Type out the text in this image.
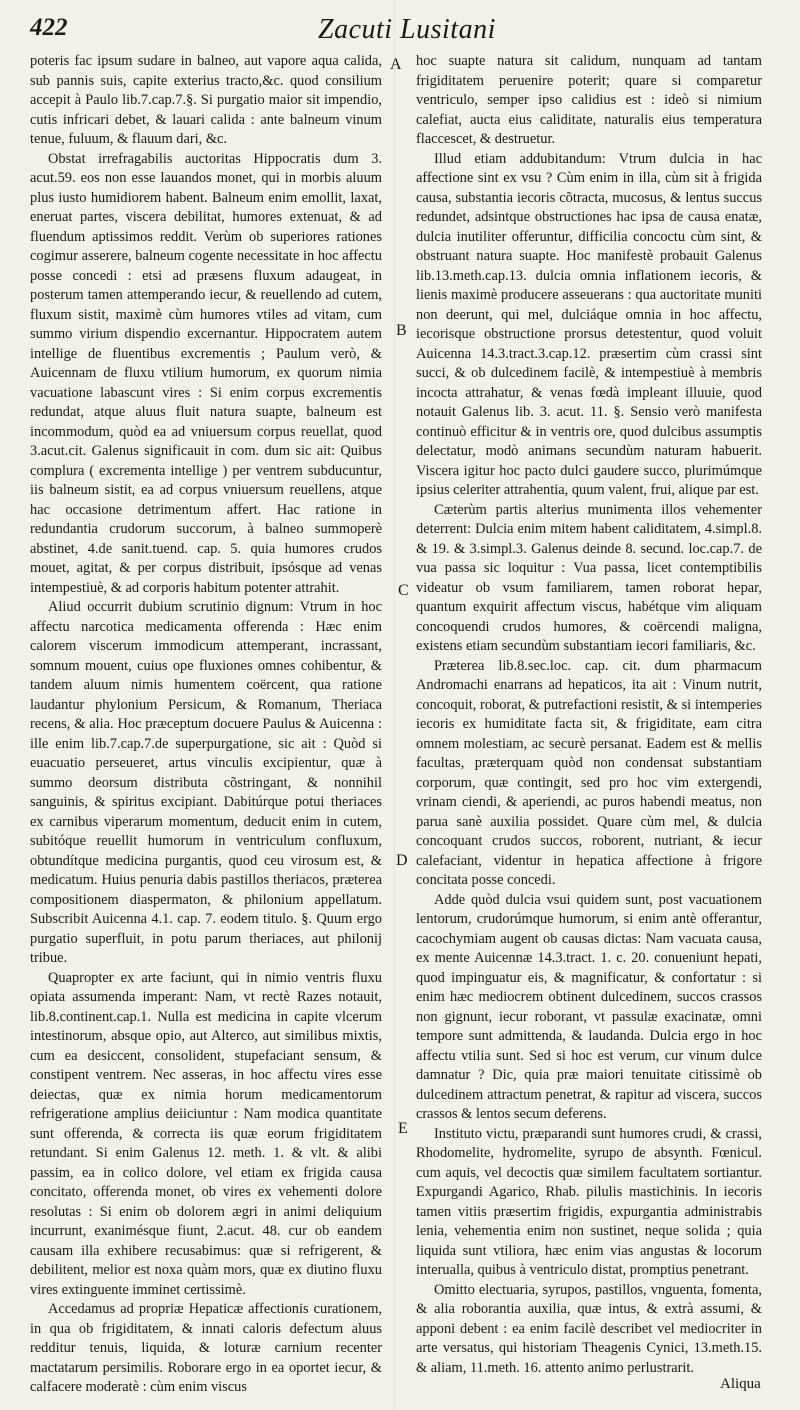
422	Zacuti Lusitani

poteris fac ipsum sudare in balneo, aut vapore aqua calida, sub pannis suis, capite exterius tracto,&c. quod consilium accepit à Paulo lib.7.cap.7.§. Si purgatio maior sit impendio, cutis infricari debet, & lauari calida : ante balneum vinum tenue, fuluum, & flauum dari, &c.

Obstat irrefragabilis auctoritas Hippocratis dum 3. acut.59. eos non esse lauandos monet, qui in morbis aluum plus iusto humidiorem habent. Balneum enim emollit, laxat, eneruat partes, viscera debilitat, humores extenuat, & ad fluendum aptissimos reddit. Verùm ob superiores rationes cogimur asserere, balneum cogente necessitate in hoc affectu posse concedi : etsi ad præsens fluxum adaugeat, in posterum tamen attemperando iecur, & reuellendo ad cutem, fluxum sistit, maximè cùm humores vtiles ad vitam, cum summo virium dispendio excernantur. Hippocratem autem intellige de fluentibus excrementis ; Paulum verò, & Auicennam de fluxu vtilium humorum, ex quorum nimia vacuatione labascunt vires : Si enim corpus excrementis redundat, atque aluus fluit natura suapte, balneum est incommodum, quòd ea ad vniuersum corpus reuellat, quod 3.acut.cit. Galenus significauit in com. dum sic ait: Quibus complura ( excrementa intellige ) per ventrem subducuntur, iis balneum sistit, ea ad corpus vniuersum reuellens, atque hac occasione detrimentum affert. Hac ratione in redundantia crudorum succorum, à balneo summoperè abstinet, 4.de sanit.tuend. cap. 5. quia humores crudos mouet, agitat, & per corpus distribuit, ipsósque ad venas intempestiuè, & ad corporis habitum potenter attrahit.

Aliud occurrit dubium scrutinio dignum: Vtrum in hoc affectu narcotica medicamenta offerenda : Hæc enim calorem viscerum immodicum attemperant, incrassant, somnum mouent, cuius ope fluxiones omnes cohibentur, & tandem aluum nimis humentem coërcent, qua ratione laudantur phylonium Persicum, & Romanum, Theriaca recens, & alia. Hoc præceptum docuere Paulus & Auicenna : ille enim lib.7.cap.7.de superpurgatione, sic ait : Quòd si euacuatio perseueret, artus vinculis excipientur, quæ à summo deorsum distributa cõstringant, & nonnihil sanguinis, & spiritus excipiant. Dabitúrque potui theriaces ex carnibus viperarum momentum, deducit enim in cutem, subitóque reuellit humorum in ventriculum confluxum, obtundítque medicina purgantis, quod ceu virosum est, & medicatum. Huius penuria dabis pastillos theriacos, præterea compositionem diaspermaton, & philonium appellatum. Subscribit Auicenna 4.1. cap. 7. eodem titulo. §. Quum ergo purgatio superfluit, in potu parum theriaces, aut philonij tribue.

Quapropter ex arte faciunt, qui in nimio ventris fluxu opiata assumenda imperant: Nam, vt rectè Razes notauit, lib.8.continent.cap.1. Nulla est medicina in capite vlcerum intestinorum, absque opio, aut Alterco, aut similibus mixtis, cum ea desiccent, consolident, stupefaciant sensum, & constipent ventrem. Nec asseras, in hoc affectu vires esse deiectas, quæ ex nimia horum medicamentorum refrigeratione amplius deiiciuntur : Nam modica quantitate sunt offerenda, & correcta iis quæ eorum frigiditatem retundant. Si enim Galenus 12. meth. 1. & vlt. & alibi passim, ea in colico dolore, vel etiam ex frigida causa concitato, offerenda monet, ob vires ex vehementi dolore resolutas : Si enim ob dolorem ægri in animi deliquium incurrunt, exanimésque fiunt, 2.acut. 48. cur ob eandem causam illa exhibere recusabimus: quæ si refrigerent, & debilitent, melior est noxa quàm mors, quæ ex diutino fluxu vires extinguente imminet certissimè.

Accedamus ad propriæ Hepaticæ affectionis curationem, in qua ob frigiditatem, & innati caloris defectum aluus redditur tenuis, liquida, & loturæ carnium recenter mactatarum persimilis. Roborare ergo in ea oportet iecur, & calfacere moderatè : cùm enim viscus

hoc suapte natura sit calidum, nunquam ad tantam frigiditatem peruenire poterit; quare si comparetur ventriculo, semper ipso calidius est : ideò si nimium calefiat, aucta eius caliditate, naturalis eius temperatura flaccescet, & destruetur.

Illud etiam addubitandum: Vtrum dulcia in hac affectione sint ex vsu ? Cùm enim in illa, cùm sit à frigida causa, substantia iecoris cõtracta, mucosus, & lentus succus redundet, adsintque obstructiones hac ipsa de causa enatæ, dulcia inutiliter offeruntur, difficilia concoctu cùm sint, & obstruant natura suapte. Hoc manifestè probauit Galenus lib.13.meth.cap.13. dulcia omnia inflationem iecoris, & lienis maximè producere asseuerans : qua auctoritate muniti non deerunt, qui mel, dulciáque omnia in hoc affectu, iecorisque obstructione prorsus detestentur, quod voluit Auicenna 14.3.tract.3.cap.12. præsertim cùm crassi sint succi, & ob dulcedinem facilè, & intempestiuè à membris incocta attrahatur, & venas fœdà impleant illuuie, quod notauit Galenus lib. 3. acut. 11. §. Sensio verò manifesta continuò efficitur & in ventris ore, quod dulcibus assumptis delectatur, modò animans secundùm naturam habuerit. Viscera igitur hoc pacto dulci gaudere succo, plurimúmque ipsius celeriter attrahentia, quum valent, frui, alique par est.

Cæterùm partis alterius munimenta illos vehementer deterrent: Dulcia enim mitem habent caliditatem, 4.simpl.8. & 19. & 3.simpl.3. Galenus deinde 8. secund. loc.cap.7. de vua passa sic loquitur : Vua passa, licet contemptibilis videatur ob vsum familiarem, tamen roborat hepar, quantum exquirit affectum viscus, habétque vim aliquam concoquendi crudos humores, & coërcendi maligna, existens etiam secundùm substantiam iecori familiaris, &c.

Præterea lib.8.sec.loc. cap. cit. dum pharmacum Andromachi enarrans ad hepaticos, ita ait : Vinum nutrit, concoquit, roborat, & putrefactioni resistit, & si intemperies iecoris ex humiditate facta sit, & frigiditate, eam citra omnem molestiam, ac securè persanat. Eadem est & mellis facultas, præterquam quòd non condensat substantiam corporum, quæ contingit, sed pro hoc vim extergendi, vrinam ciendi, & aperiendi, ac puros habendi meatus, non parua sanè auxilia possidet. Quare cùm mel, & dulcia concoquant crudos succos, roborent, nutriant, & iecur calefaciant, videntur in hepatica affectione à frigore concitata posse concedi.

Adde quòd dulcia vsui quidem sunt, post vacuationem lentorum, crudorúmque humorum, si enim antè offerantur, cacochymiam augent ob causas dictas: Nam vacuata causa, ex mente Auicennæ 14.3.tract. 1. c. 20. conueniunt hepati, quod impinguatur eis, & magnificatur, & confortatur : si enim hæc mediocrem obtinent dulcedinem, succos crassos non gignunt, iecur roborant, vt passulæ exacinatæ, omni tempore sunt admittenda, & laudanda. Dulcia ergo in hoc affectu vtilia sunt. Sed si hoc est verum, cur vinum dulce damnatur ? Dic, quia præ maiori tenuitate citissimè ob dulcedinem attractum penetrat, & rapitur ad viscera, succos crassos & lentos secum deferens.

Instituto victu, præparandi sunt humores crudi, & crassi, Rhodomelite, hydromelite, syrupo de absynth. Fœnicul. cum aquis, vel decoctis quæ similem facultatem sortiantur. Expurgandi Agarico, Rhab. pilulis mastichinis. In iecoris tamen vitiis præsertim frigidis, expurgantia administrabis lenia, vehementia enim non sustinet, neque solida ; quia liquida sunt vtiliora, hæc enim vias angustas & locorum interualla, quibus à ventriculo distat, promptius penetrant.

Omitto electuaria, syrupos, pastillos, vnguenta, fomenta, & alia roborantia auxilia, quæ intus, & extrà assumi, & apponi debent : ea enim facilè describet vel mediocriter in arte versatus, qui historiam Theagenis Cynici, 13.meth.15. & aliam, 11.meth. 16. attento animo perlustrarit.

A
B
C
D
E
Aliqua
